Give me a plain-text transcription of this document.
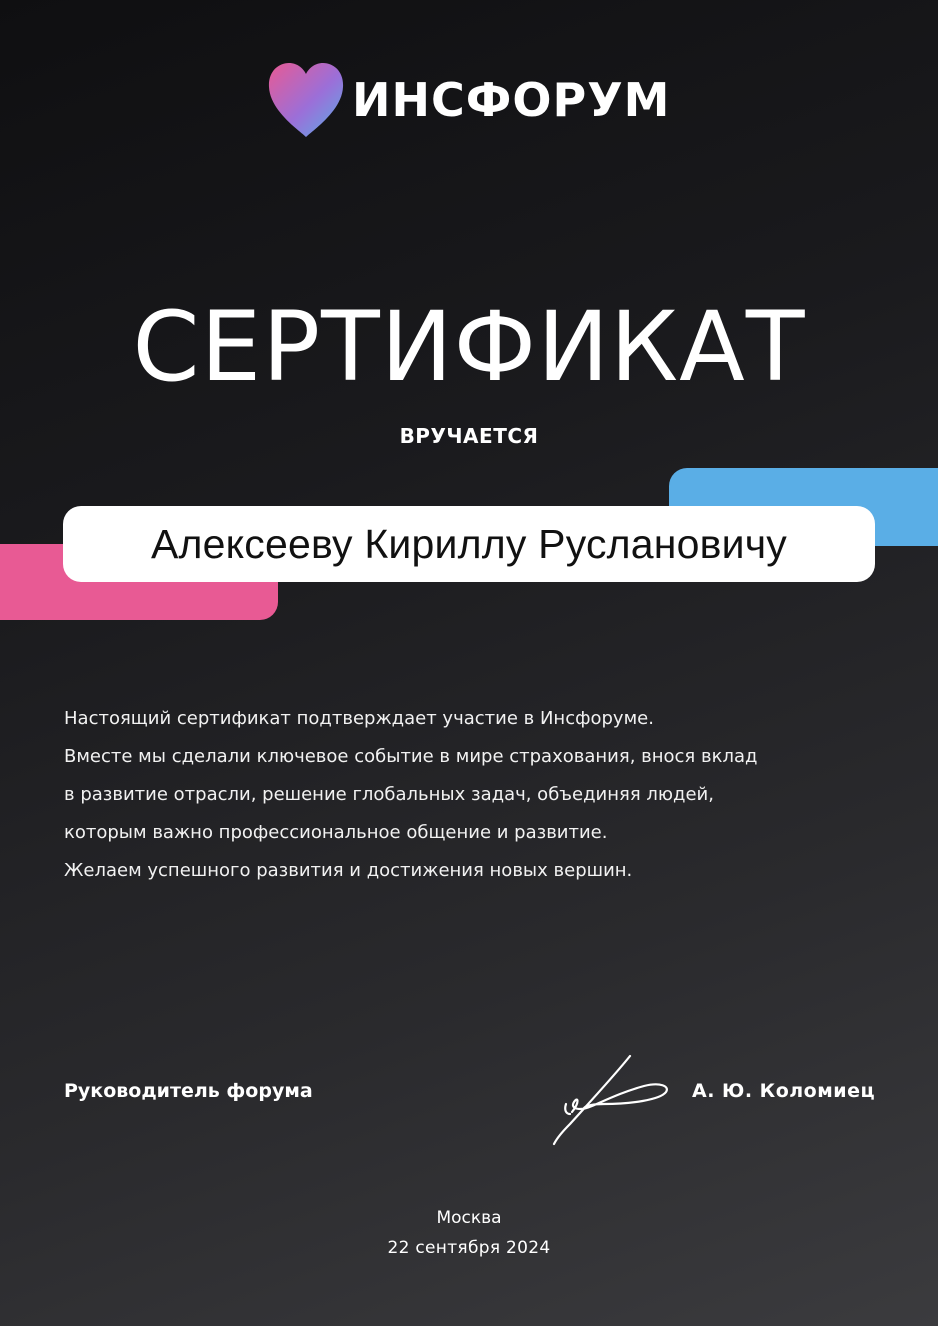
ИНСФОРУМ
СЕРТИФИКАТ
ВРУЧАЕТСЯ
Алексееву Кириллу Руслановичу
Настоящий сертификат подтверждает участие в Инсфоруме.
Вместе мы сделали ключевое событие в мире страхования, внося вклад
в развитие отрасли, решение глобальных задач, объединяя людей,
которым важно профессиональное общение и развитие.
Желаем успешного развития и достижения новых вершин.
Руководитель форума	А. Ю. Коломиец
Москва
22 сентября 2024
